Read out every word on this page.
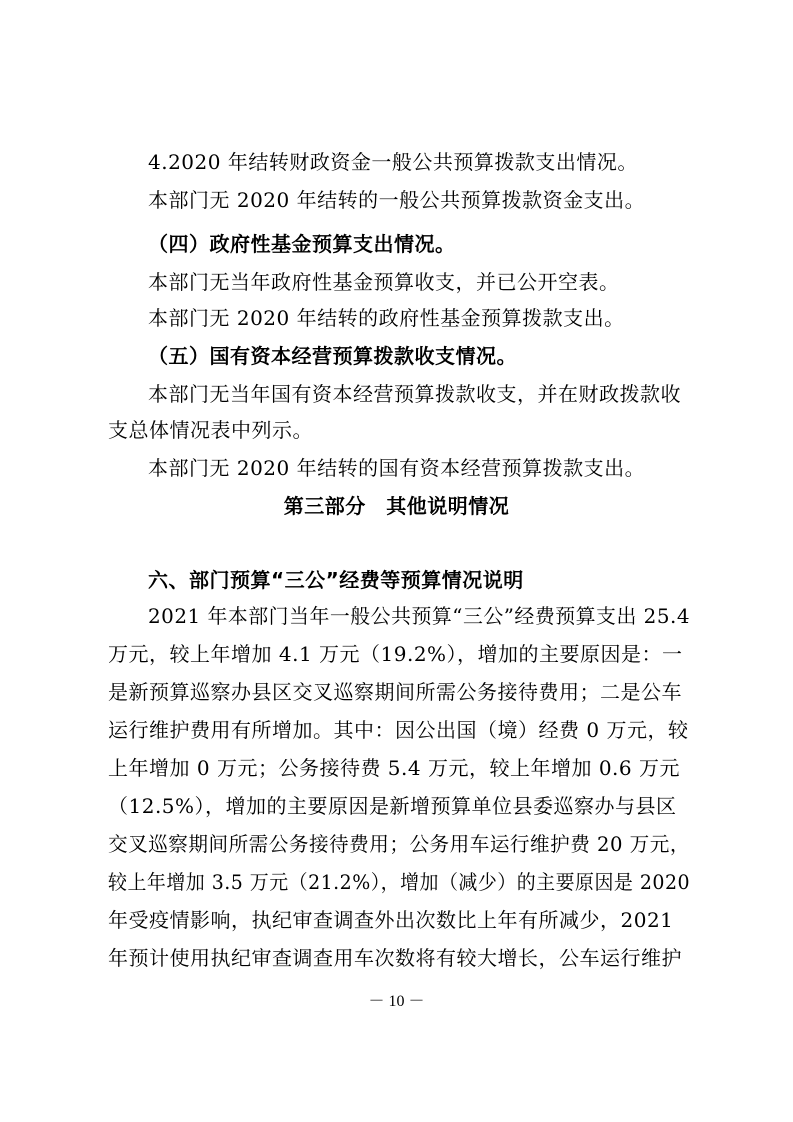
4.2020 年结转财政资金一般公共预算拨款支出情况。
本部门无 2020 年结转的一般公共预算拨款资金支出。
（四）政府性基金预算支出情况。
本部门无当年政府性基金预算收支，并已公开空表。
本部门无 2020 年结转的政府性基金预算拨款支出。
（五）国有资本经营预算拨款收支情况。
本部门无当年国有资本经营预算拨款收支，并在财政拨款收
支总体情况表中列示。
本部门无 2020 年结转的国有资本经营预算拨款支出。
第三部分　其他说明情况
六、部门预算“三公”经费等预算情况说明
2021 年本部门当年一般公共预算“三公”经费预算支出 25.4
万元，较上年增加 4.1 万元（19.2%），增加的主要原因是：一
是新预算巡察办县区交叉巡察期间所需公务接待费用；二是公车
运行维护费用有所增加。其中：因公出国（境）经费 0 万元，较
上年增加 0 万元；公务接待费 5.4 万元，较上年增加 0.6 万元
（12.5%），增加的主要原因是新增预算单位县委巡察办与县区
交叉巡察期间所需公务接待费用；公务用车运行维护费 20 万元，
较上年增加 3.5 万元（21.2%），增加（减少）的主要原因是 2020
年受疫情影响，执纪审查调查外出次数比上年有所减少，2021
年预计使用执纪审查调查用车次数将有较大增长，公车运行维护
－ 10 －
